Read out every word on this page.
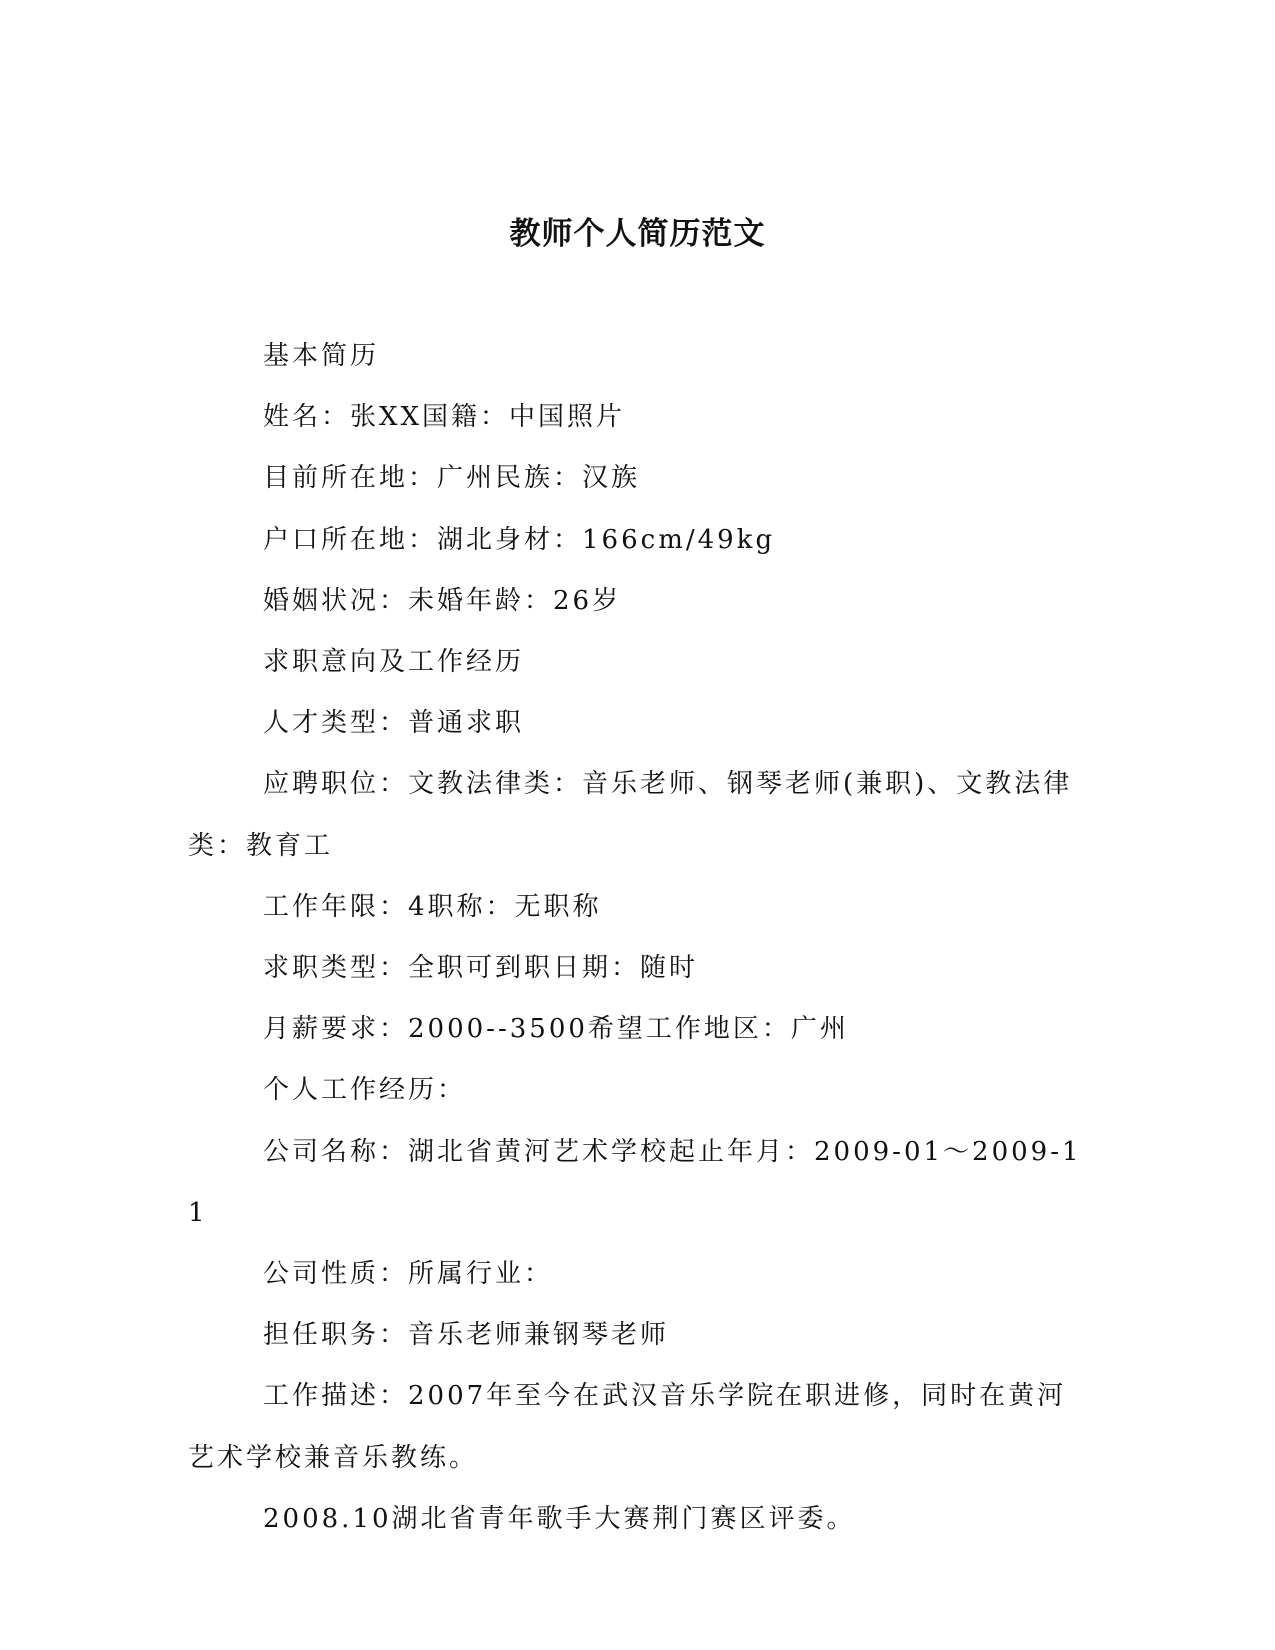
教师个人简历范文

基本简历

姓名：张XX国籍：中国照片

目前所在地：广州民族：汉族

户口所在地：湖北身材：166cm/49kg

婚姻状况：未婚年龄：26岁

求职意向及工作经历

人才类型：普通求职

应聘职位：文教法律类：音乐老师、钢琴老师(兼职)、文教法律类：教育工

工作年限：4职称：无职称

求职类型：全职可到职日期：随时

月薪要求：2000--3500希望工作地区：广州

个人工作经历：

公司名称：湖北省黄河艺术学校起止年月：2009-01～2009-11

公司性质：所属行业：

担任职务：音乐老师兼钢琴老师

工作描述：2007年至今在武汉音乐学院在职进修，同时在黄河艺术学校兼音乐教练。

2008.10湖北省青年歌手大赛荆门赛区评委。
